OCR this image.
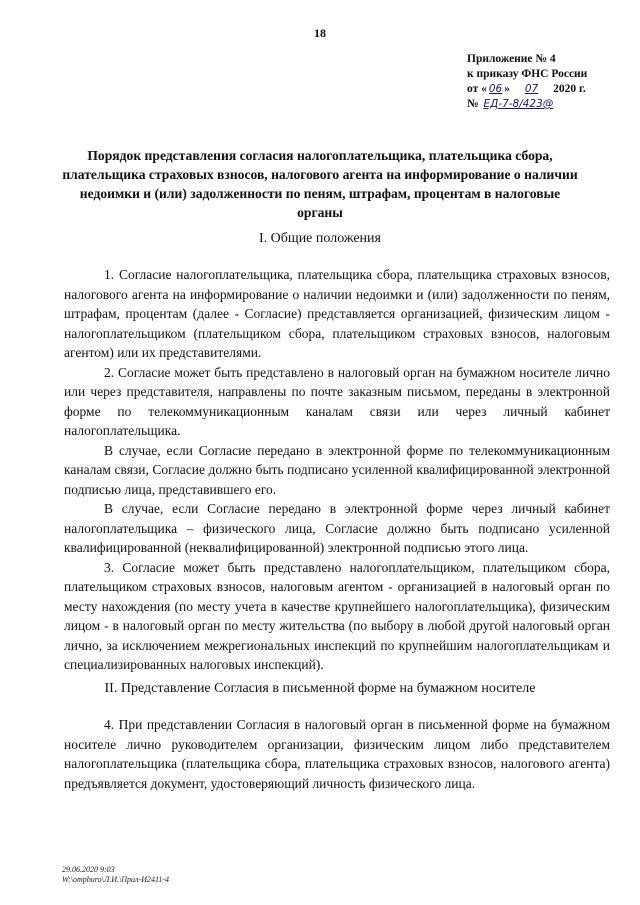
18
Приложение № 4
к приказу ФНС России
от « 06 » 07 2020 г.
№ ЕД-7-8/423@
Порядок представления согласия налогоплательщика, плательщика сбора, плательщика страховых взносов, налогового агента на информирование о наличии недоимки и (или) задолженности по пеням, штрафам, процентам в налоговые органы
I. Общие положения

1. Согласие налогоплательщика, плательщика сбора, плательщика страховых взносов, налогового агента на информирование о наличии недоимки и (или) задолженности по пеням, штрафам, процентам (далее - Согласие) представляется организацией, физическим лицом - налогоплательщиком (плательщиком сбора, плательщиком страховых взносов, налоговым агентом) или их представителями.

2. Согласие может быть представлено в налоговый орган на бумажном носителе лично или через представителя, направлены по почте заказным письмом, переданы в электронной форме по телекоммуникационным каналам связи или через личный кабинет налогоплательщика.

В случае, если Согласие передано в электронной форме по телекоммуникационным каналам связи, Согласие должно быть подписано усиленной квалифицированной электронной подписью лица, представившего его.

В случае, если Согласие передано в электронной форме через личный кабинет налогоплательщика – физического лица, Согласие должно быть подписано усиленной квалифицированной (неквалифицированной) электронной подписью этого лица.

3. Согласие может быть представлено налогоплательщиком, плательщиком сбора, плательщиком страховых взносов, налоговым агентом - организацией в налоговый орган по месту нахождения (по месту учета в качестве крупнейшего налогоплательщика), физическим лицом - в налоговый орган по месту жительства (по выбору в любой другой налоговый орган лично, за исключением межрегиональных инспекций по крупнейшим налогоплательщикам и специализированных налоговых инспекций).

II. Представление Согласия в письменной форме на бумажном носителе

4. При представлении Согласия в налоговый орган в письменной форме на бумажном носителе лично руководителем организации, физическим лицом либо представителем налогоплательщика (плательщика сбора, плательщика страховых взносов, налогового агента) предъявляется документ, удостоверяющий личность физического лица.

29.06.2020 9:03
W:\ompburo\Л.И.\Прил-И2411-4
